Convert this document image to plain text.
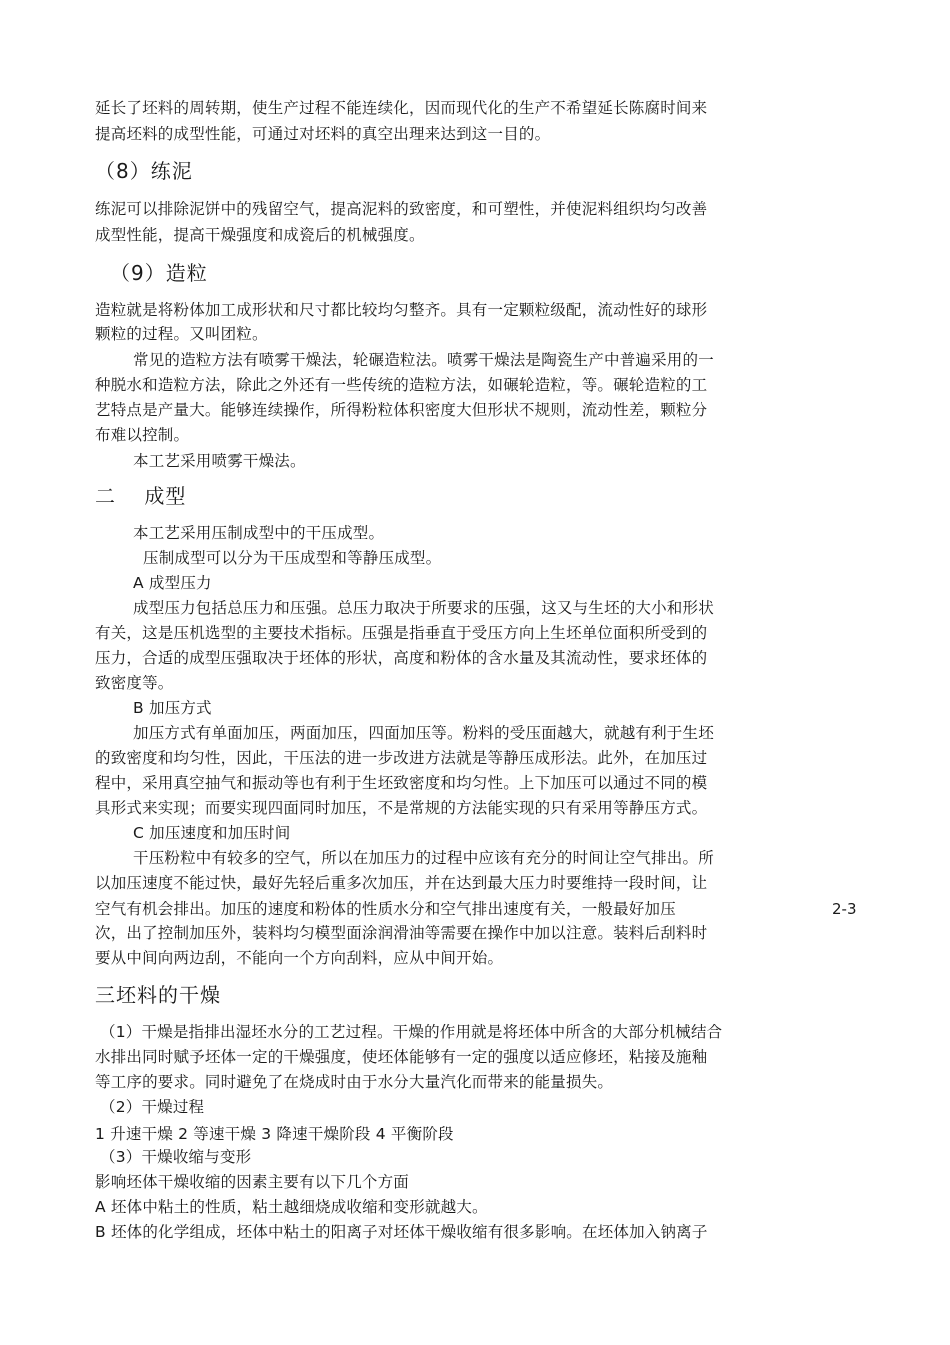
延长了坯料的周转期，使生产过程不能连续化，因而现代化的生产不希望延长陈腐时间来
提高坯料的成型性能，可通过对坯料的真空出理来达到这一目的。
（8）练泥
练泥可以排除泥饼中的残留空气，提高泥料的致密度，和可塑性，并使泥料组织均匀改善
成型性能，提高干燥强度和成瓷后的机械强度。
（9）造粒
造粒就是将粉体加工成形状和尺寸都比较均匀整齐。具有一定颗粒级配，流动性好的球形
颗粒的过程。又叫团粒。
常见的造粒方法有喷雾干燥法，轮碾造粒法。喷雾干燥法是陶瓷生产中普遍采用的一
种脱水和造粒方法，除此之外还有一些传统的造粒方法，如碾轮造粒，等。碾轮造粒的工
艺特点是产量大。能够连续操作，所得粉粒体积密度大但形状不规则，流动性差，颗粒分
布难以控制。
本工艺采用喷雾干燥法。
二　 成型
本工艺采用压制成型中的干压成型。
压制成型可以分为干压成型和等静压成型。
A 成型压力
成型压力包括总压力和压强。总压力取决于所要求的压强，这又与生坯的大小和形状
有关，这是压机选型的主要技术指标。压强是指垂直于受压方向上生坯单位面积所受到的
压力，合适的成型压强取决于坯体的形状，高度和粉体的含水量及其流动性，要求坯体的
致密度等。
B 加压方式
加压方式有单面加压，两面加压，四面加压等。粉料的受压面越大，就越有利于生坯
的致密度和均匀性，因此，干压法的进一步改进方法就是等静压成形法。此外，在加压过
程中，采用真空抽气和振动等也有利于生坯致密度和均匀性。上下加压可以通过不同的模
具形式来实现；而要实现四面同时加压，不是常规的方法能实现的只有采用等静压方式。
C 加压速度和加压时间
干压粉粒中有较多的空气，所以在加压力的过程中应该有充分的时间让空气排出。所
以加压速度不能过快，最好先轻后重多次加压，并在达到最大压力时要维持一段时间，让
空气有机会排出。加压的速度和粉体的性质水分和空气排出速度有关，一般最好加压
次，出了控制加压外，装料均匀模型面涂润滑油等需要在操作中加以注意。装料后刮料时
要从中间向两边刮，不能向一个方向刮料，应从中间开始。
三坯料的干燥
（1）干燥是指排出湿坯水分的工艺过程。干燥的作用就是将坯体中所含的大部分机械结合
水排出同时赋予坯体一定的干燥强度，使坯体能够有一定的强度以适应修坯，粘接及施釉
等工序的要求。同时避免了在烧成时由于水分大量汽化而带来的能量损失。
（2）干燥过程
1 升速干燥 2 等速干燥 3 降速干燥阶段 4 平衡阶段
（3）干燥收缩与变形
影响坯体干燥收缩的因素主要有以下几个方面
A 坯体中粘土的性质，粘土越细烧成收缩和变形就越大。
B 坯体的化学组成，坯体中粘土的阳离子对坯体干燥收缩有很多影响。在坯体加入钠离子
2-3
